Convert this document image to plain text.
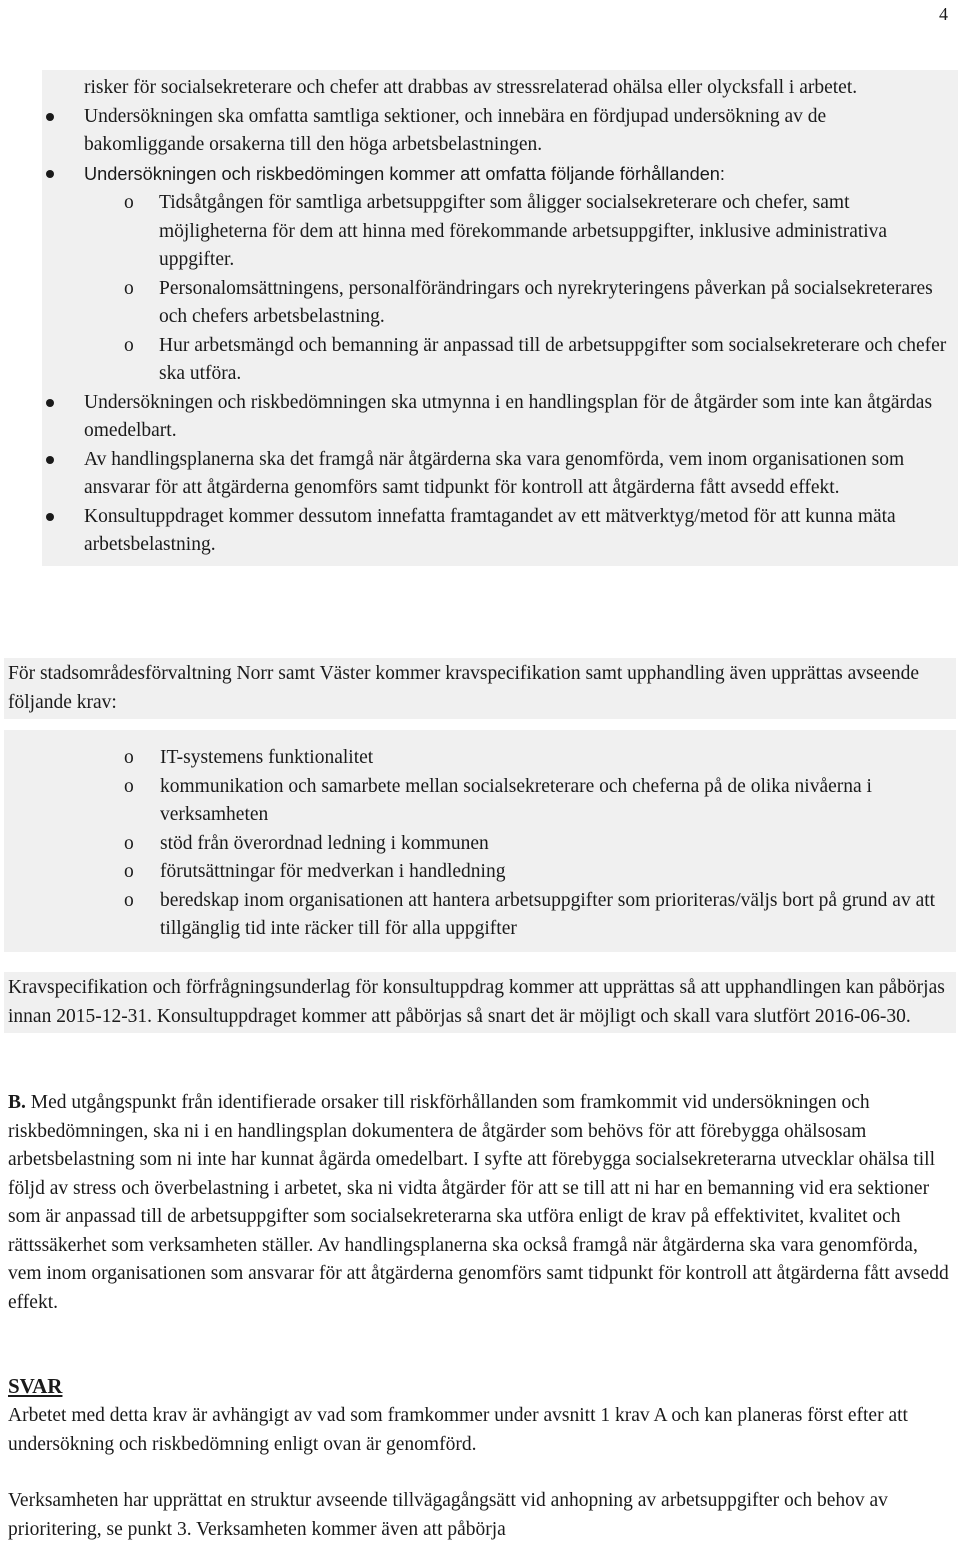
4
risker för socialsekreterare och chefer att drabbas av stressrelaterad ohälsa eller olycksfall i arbetet.
Undersökningen ska omfatta samtliga sektioner, och innebära en fördjupad undersökning av de bakomliggande orsakerna till den höga arbetsbelastningen.
Undersökningen och riskbedömingen kommer att omfatta följande förhållanden:
o Tidsåtgången för samtliga arbetsuppgifter som åligger socialsekreterare och chefer, samt möjligheterna för dem att hinna med förekommande arbetsuppgifter, inklusive administrativa uppgifter.
o Personalomsättningens, personalförändringars och nyrekryteringens påverkan på socialsekreterares och chefers arbetsbelastning.
o Hur arbetsmängd och bemanning är anpassad till de arbetsuppgifter som socialsekreterare och chefer ska utföra.
Undersökningen och riskbedömningen ska utmynna i en handlingsplan för de åtgärder som inte kan åtgärdas omedelbart.
Av handlingsplanerna ska det framgå när åtgärderna ska vara genomförda, vem inom organisationen som ansvarar för att åtgärderna genomförs samt tidpunkt för kontroll att åtgärderna fått avsedd effekt.
Konsultuppdraget kommer dessutom innefatta framtagandet av ett mätverktyg/metod för att kunna mäta arbetsbelastning.
För stadsområdesförvaltning Norr samt Väster kommer kravspecifikation samt upphandling även upprättas avseende följande krav:
o IT-systemens funktionalitet
o kommunikation och samarbete mellan socialsekreterare och cheferna på de olika nivåerna i verksamheten
o stöd från överordnad ledning i kommunen
o förutsättningar för medverkan i handledning
o beredskap inom organisationen att hantera arbetsuppgifter som prioriteras/väljs bort på grund av att tillgänglig tid inte räcker till för alla uppgifter
Kravspecifikation och förfrågningsunderlag för konsultuppdrag kommer att upprättas så att upphandlingen kan påbörjas innan 2015-12-31. Konsultuppdraget kommer att påbörjas så snart det är möjligt och skall vara slutfört 2016-06-30.
B. Med utgångspunkt från identifierade orsaker till riskförhållanden som framkommit vid undersökningen och riskbedömningen, ska ni i en handlingsplan dokumentera de åtgärder som behövs för att förebygga ohälsosam arbetsbelastning som ni inte har kunnat ågärda omedelbart. I syfte att förebygga socialsekreterarna utvecklar ohälsa till följd av stress och överbelastning i arbetet, ska ni vidta åtgärder för att se till att ni har en bemanning vid era sektioner som är anpassad till de arbetsuppgifter som socialsekreterarna ska utföra enligt de krav på effektivitet, kvalitet och rättssäkerhet som verksamheten ställer. Av handlingsplanerna ska också framgå när åtgärderna ska vara genomförda, vem inom organisationen som ansvarar för att åtgärderna genomförs samt tidpunkt för kontroll att åtgärderna fått avsedd effekt.
SVAR
Arbetet med detta krav är avhängigt av vad som framkommer under avsnitt 1 krav A och kan planeras först efter att undersökning och riskbedömning enligt ovan är genomförd.
Verksamheten har upprättat en struktur avseende tillvägagångsätt vid anhopning av arbetsuppgifter och behov av prioritering, se punkt 3. Verksamheten kommer även att påbörja
